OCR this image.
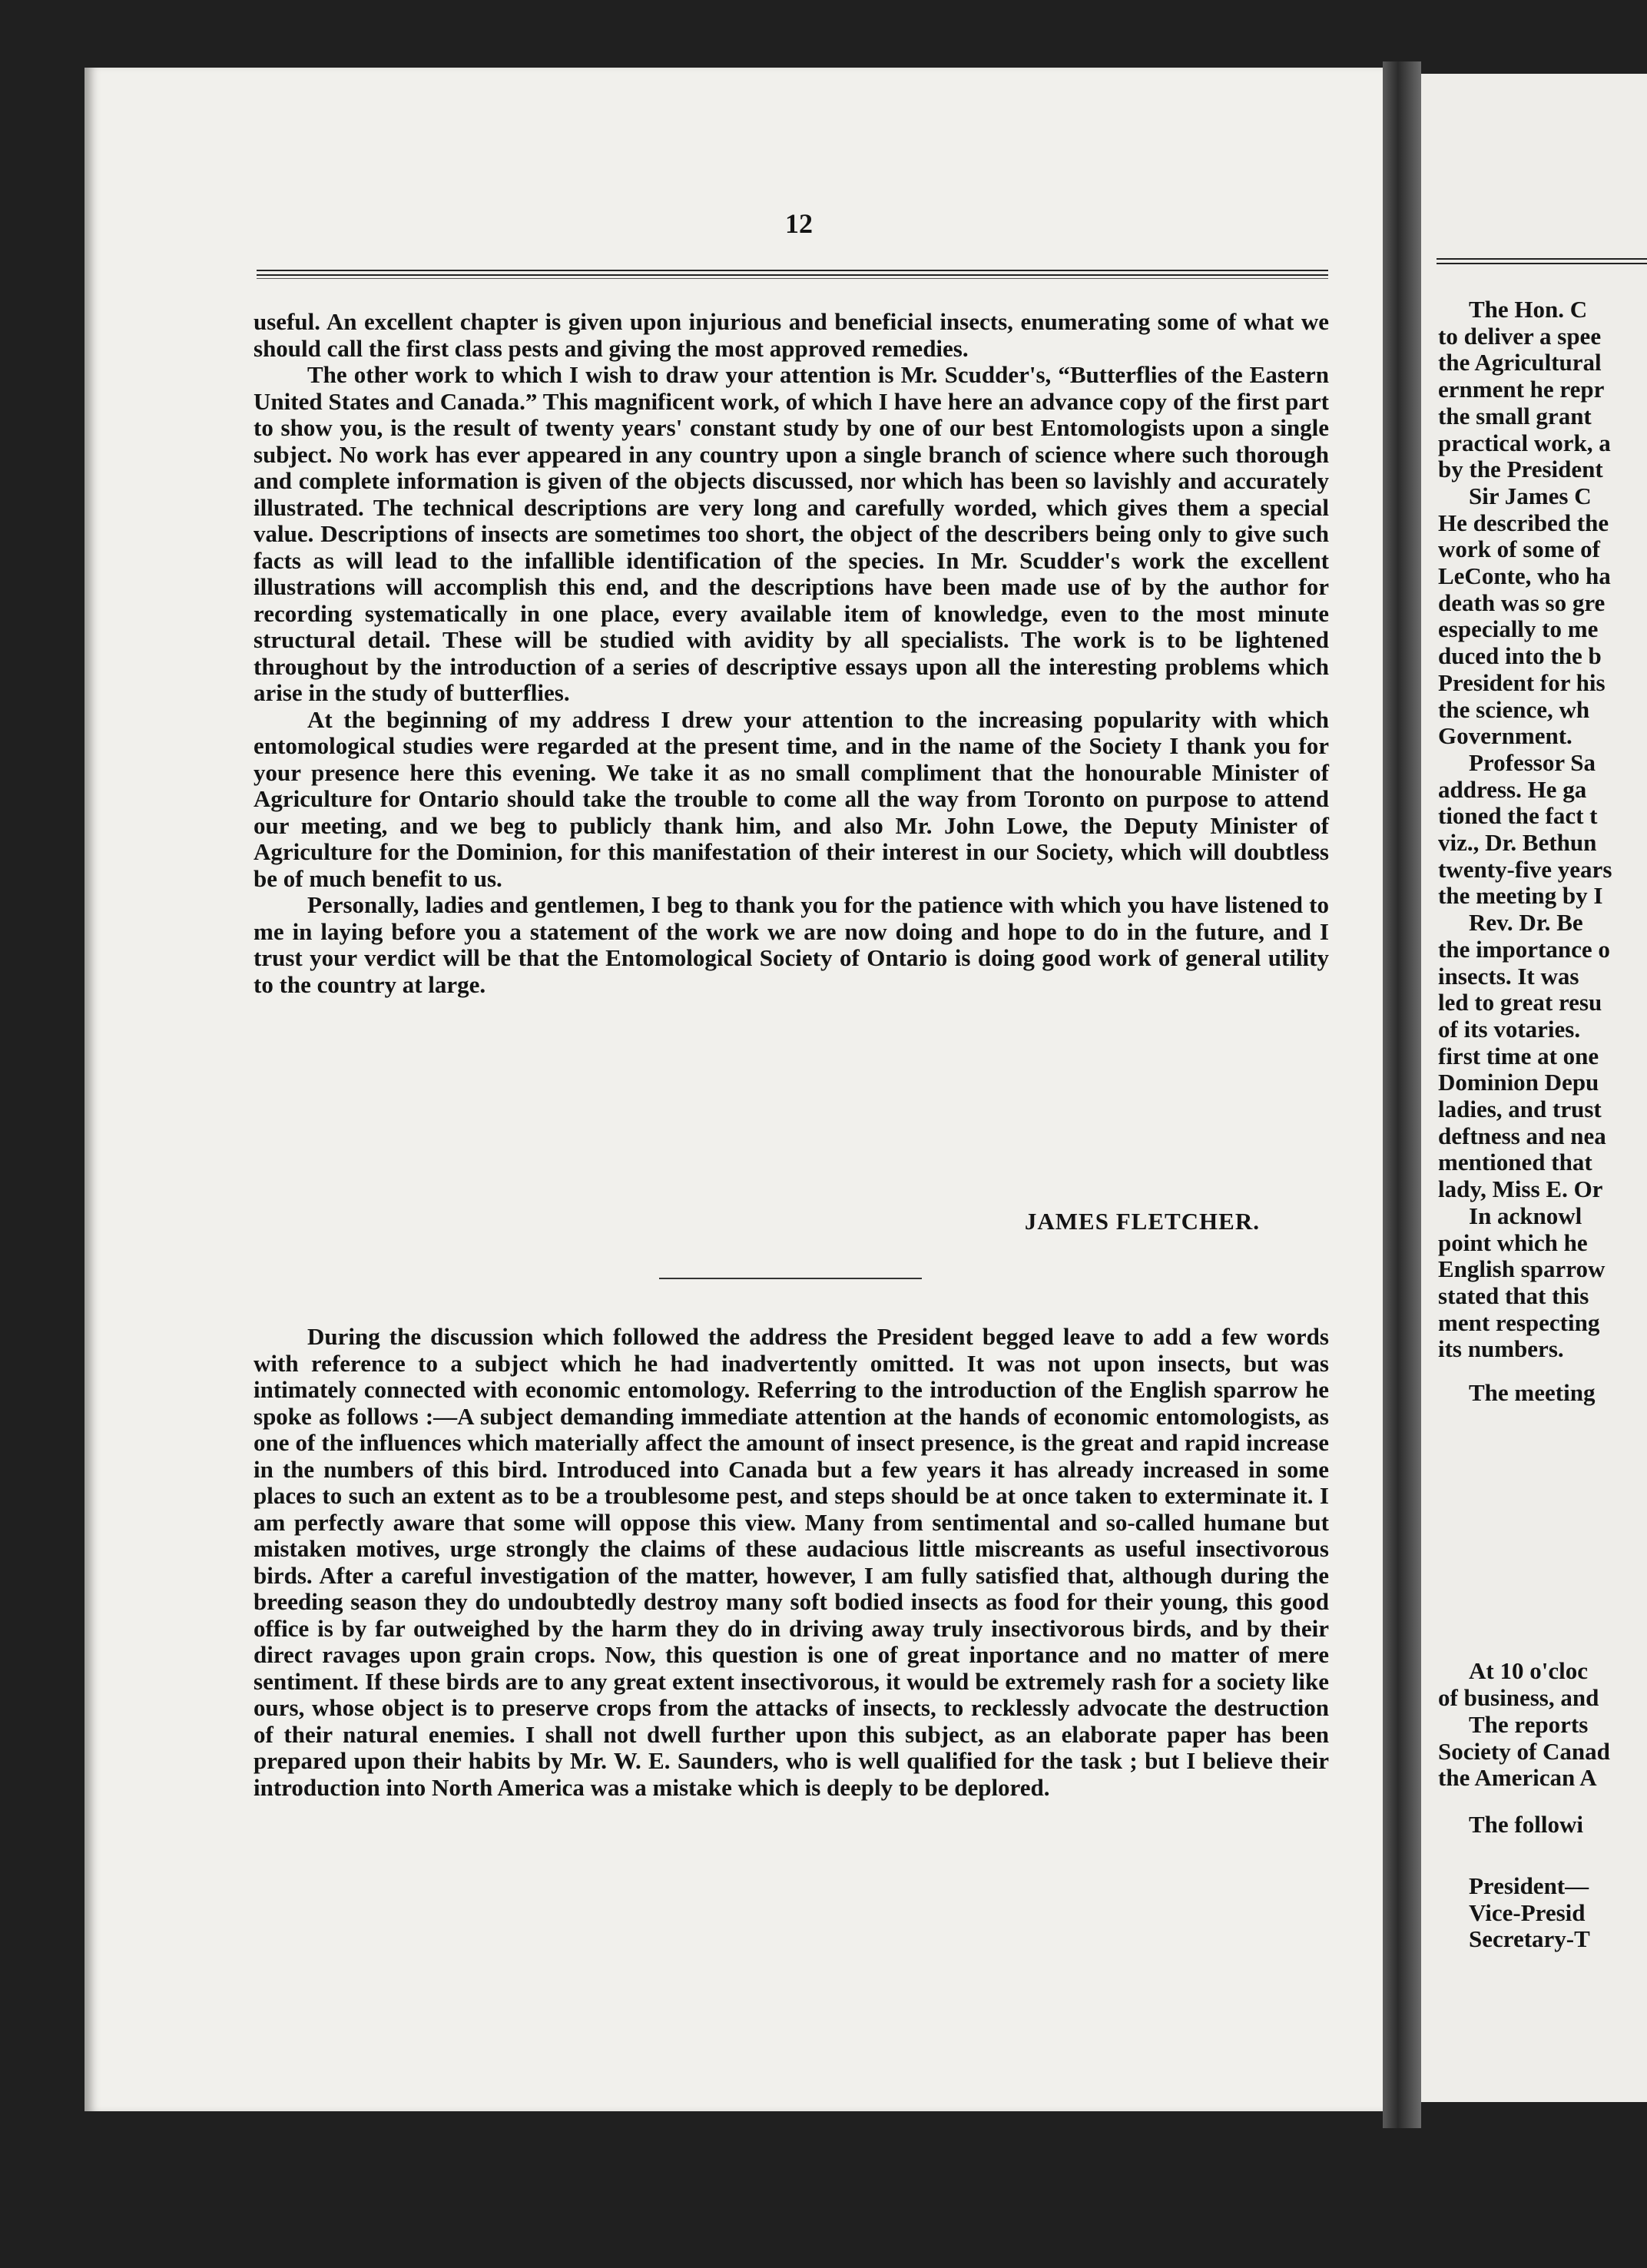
The Hon. C
to deliver a spee
the Agricultural
ernment he repr
the small grant
practical work, a
by the President
Sir James C
He described the
work of some of
LeConte, who ha
death was so gre
especially to me
duced into the b
President for his
the science, wh
Government.
Professor Sa
address. He ga
tioned the fact t
viz., Dr. Bethun
twenty-five years
the meeting by I
Rev. Dr. Be
the importance o
insects. It was
led to great resu
of its votaries.
first time at one
Dominion Depu
ladies, and trust
deftness and nea
mentioned that
lady, Miss E. Or
In acknowl
point which he
English sparrow
stated that this
ment respecting
its numbers.
The meeting
At 10 o'cloc
of business, and
The reports
Society of Canad
the American A
The followi
President—
Vice-Presid
Secretary-T
12

useful. An excellent chapter is given upon injurious and beneficial insects, enumerating some of what we should call the first class pests and giving the most approved remedies.

The other work to which I wish to draw your attention is Mr. Scudder's, “Butterflies of the Eastern United States and Canada.” This magnificent work, of which I have here an advance copy of the first part to show you, is the result of twenty years' constant study by one of our best Entomologists upon a single subject. No work has ever appeared in any country upon a single branch of science where such thorough and complete information is given of the objects discussed, nor which has been so lavishly and accurately illustrated. The technical descriptions are very long and carefully worded, which gives them a special value. Descriptions of insects are sometimes too short, the object of the describers being only to give such facts as will lead to the infallible identification of the species. In Mr. Scudder's work the excellent illustrations will accomplish this end, and the descriptions have been made use of by the author for recording systematically in one place, every available item of knowledge, even to the most minute structural detail. These will be studied with avidity by all specialists. The work is to be lightened throughout by the introduction of a series of descriptive essays upon all the interesting problems which arise in the study of butterflies.

At the beginning of my address I drew your attention to the increasing popularity with which entomological studies were regarded at the present time, and in the name of the Society I thank you for your presence here this evening. We take it as no small compliment that the honourable Minister of Agriculture for Ontario should take the trouble to come all the way from Toronto on purpose to attend our meeting, and we beg to publicly thank him, and also Mr. John Lowe, the Deputy Minister of Agriculture for the Dominion, for this manifestation of their interest in our Society, which will doubtless be of much benefit to us.

Personally, ladies and gentlemen, I beg to thank you for the patience with which you have listened to me in laying before you a statement of the work we are now doing and hope to do in the future, and I trust your verdict will be that the Entomological Society of Ontario is doing good work of general utility to the country at large.

JAMES FLETCHER.

During the discussion which followed the address the President begged leave to add a few words with reference to a subject which he had inadvertently omitted. It was not upon insects, but was intimately connected with economic entomology. Referring to the introduction of the English sparrow he spoke as follows :—A subject demanding immediate attention at the hands of economic entomologists, as one of the influences which materially affect the amount of insect presence, is the great and rapid increase in the numbers of this bird. Introduced into Canada but a few years it has already increased in some places to such an extent as to be a troublesome pest, and steps should be at once taken to exterminate it. I am perfectly aware that some will oppose this view. Many from sentimental and so-called humane but mistaken motives, urge strongly the claims of these audacious little miscreants as useful insectivorous birds. After a careful investigation of the matter, however, I am fully satisfied that, although during the breeding season they do undoubtedly destroy many soft bodied insects as food for their young, this good office is by far outweighed by the harm they do in driving away truly insectivorous birds, and by their direct ravages upon grain crops. Now, this question is one of great inportance and no matter of mere sentiment. If these birds are to any great extent insectivorous, it would be extremely rash for a society like ours, whose object is to preserve crops from the attacks of insects, to recklessly advocate the destruction of their natural enemies. I shall not dwell further upon this subject, as an elaborate paper has been prepared upon their habits by Mr. W. E. Saunders, who is well qualified for the task ; but I believe their introduction into North America was a mistake which is deeply to be deplored.
